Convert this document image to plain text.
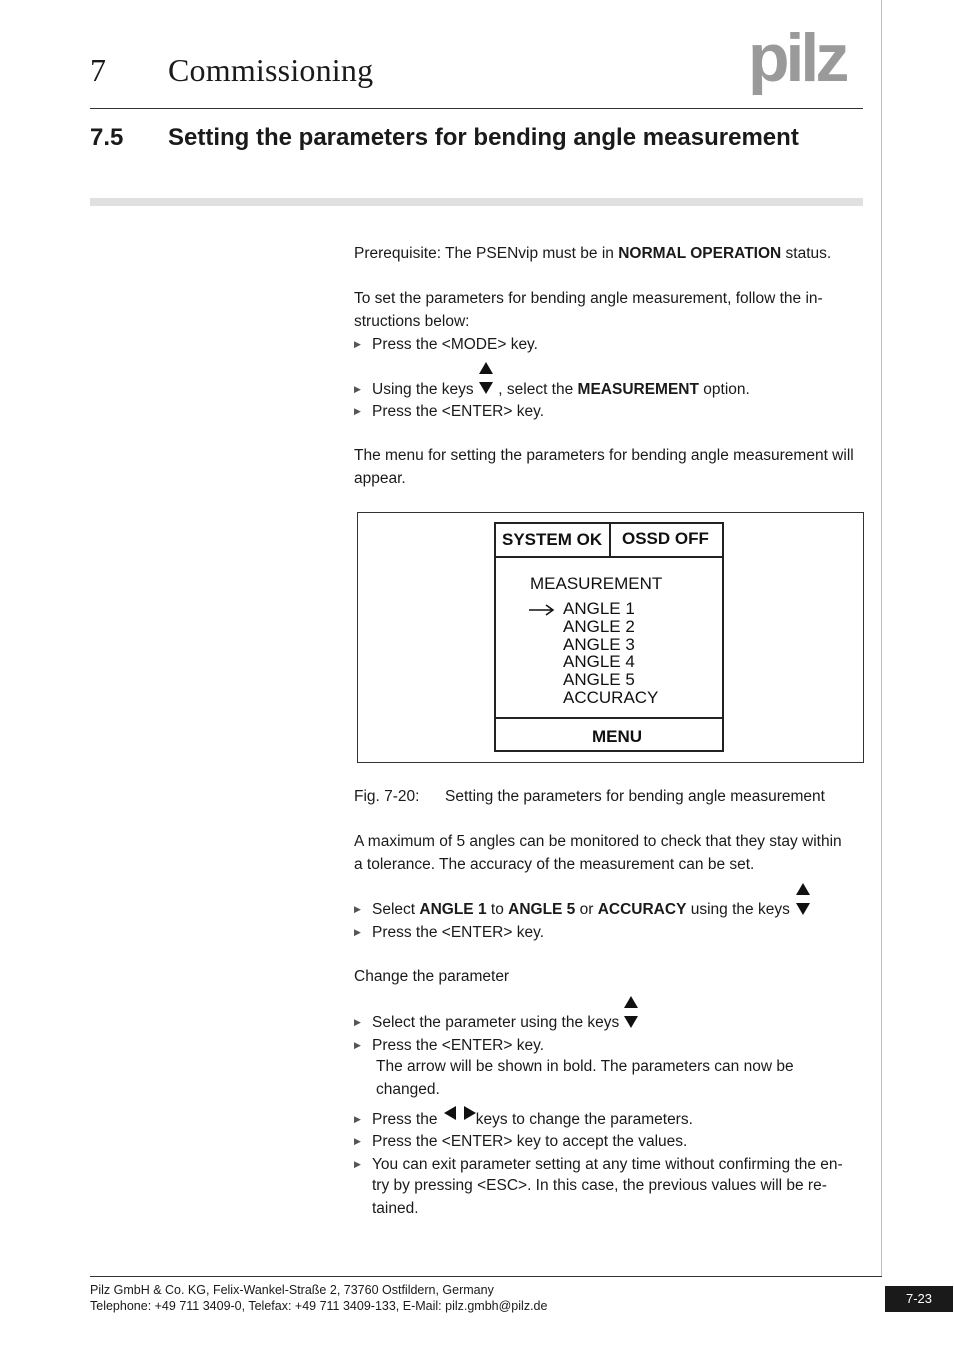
7 Commissioning	pilz
7.5 Setting the parameters for bending angle measurement
Prerequisite: The PSENvip must be in NORMAL OPERATION status.
To set the parameters for bending angle measurement, follow the in-
structions below:
▶ Press the <MODE> key.
▶ Using the keys
, select the MEASUREMENT option.
▶ Press the <ENTER> key.
The menu for setting the parameters for bending angle measurement will
appear.
SYSTEM OK OSSD OFF
MEASUREMENT
ANGLE 1
ANGLE 2
ANGLE 3
ANGLE 4
ANGLE 5
ACCURACY
MENU
Fig. 7-20: Setting the parameters for bending angle measurement
A maximum of 5 angles can be monitored to check that they stay within
a tolerance. The accuracy of the measurement can be set.
▶ Select ANGLE 1 to ANGLE 5 or ACCURACY using the keys
▶ Press the <ENTER> key.
Change the parameter
▶ Select the parameter using the keys
▶ Press the <ENTER> key.
The arrow will be shown in bold. The parameters can now be
changed.
▶ Press the
keys to change the parameters.
▶ Press the <ENTER> key to accept the values.
▶ You can exit parameter setting at any time without confirming the en-
try by pressing <ESC>. In this case, the previous values will be re-
tained.
Pilz GmbH & Co. KG, Felix-Wankel-Straße 2, 73760 Ostfildern, Germany
Telephone: +49 711 3409-0, Telefax: +49 711 3409-133, E-Mail: pilz.gmbh@pilz.de	7-23
